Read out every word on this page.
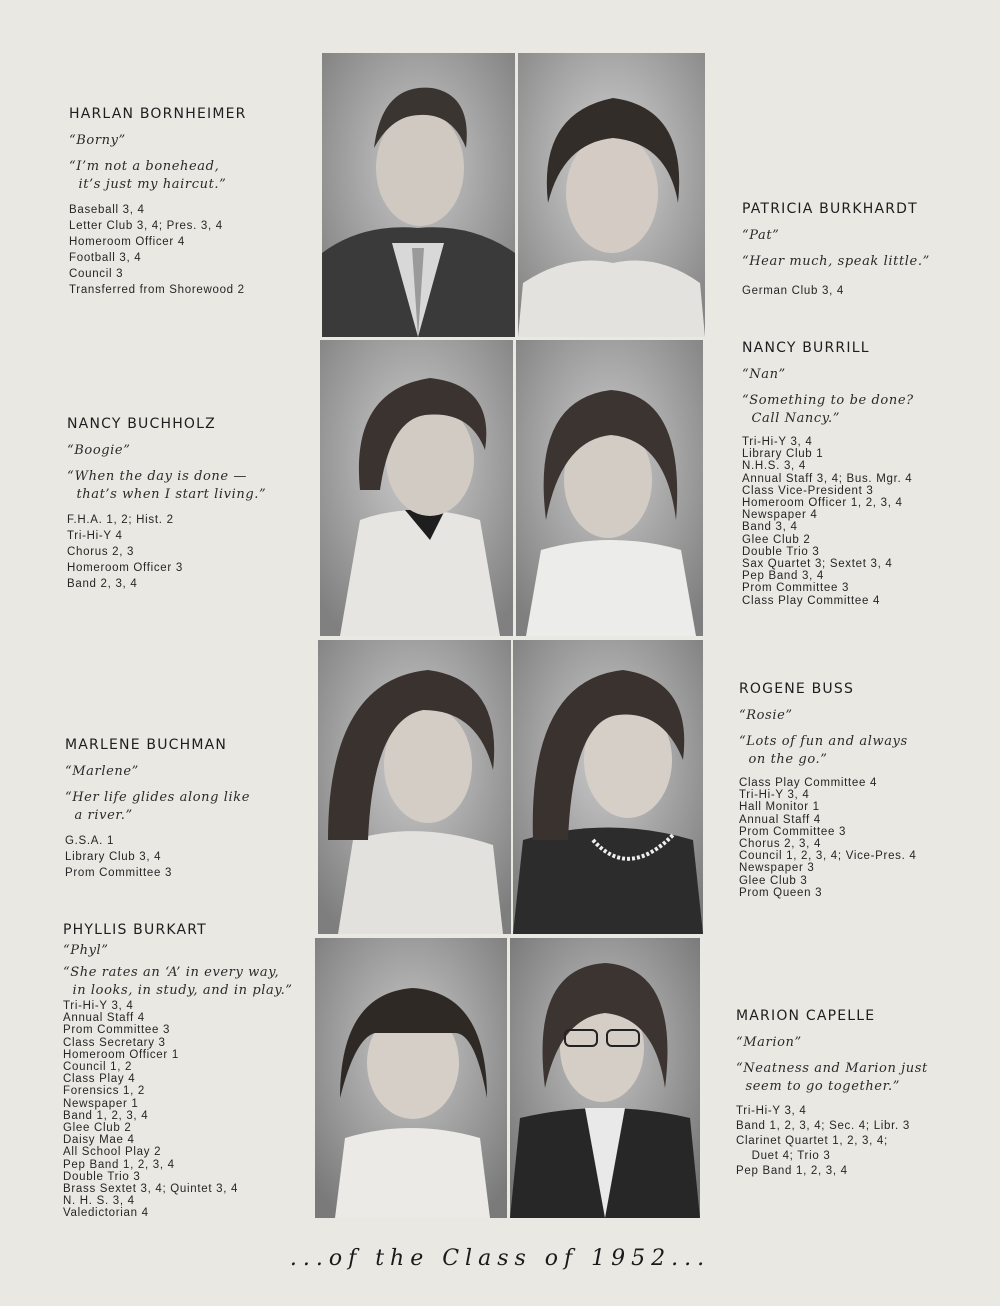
HARLAN BORNHEIMER
“Borny”
“I’m not a bonehead,
it’s just my haircut.”
Baseball 3, 4
Letter Club 3, 4; Pres. 3, 4
Homeroom Officer 4
Football 3, 4
Council 3
Transferred from Shorewood 2
PATRICIA BURKHARDT
“Pat”
“Hear much, speak little.”
German Club 3, 4
NANCY BUCHHOLZ
“Boogie”
“When the day is done —
that’s when I start living.”
F.H.A. 1, 2; Hist. 2
Tri-Hi-Y 4
Chorus 2, 3
Homeroom Officer 3
Band 2, 3, 4
NANCY BURRILL
“Nan”
“Something to be done?
Call Nancy.”
Tri-Hi-Y 3, 4
Library Club 1
N.H.S. 3, 4
Annual Staff 3, 4; Bus. Mgr. 4
Class Vice-President 3
Homeroom Officer 1, 2, 3, 4
Newspaper 4
Band 3, 4
Glee Club 2
Double Trio 3
Sax Quartet 3; Sextet 3, 4
Pep Band 3, 4
Prom Committee 3
Class Play Committee 4
MARLENE BUCHMAN
“Marlene”
“Her life glides along like
a river.”
G.S.A. 1
Library Club 3, 4
Prom Committee 3
ROGENE BUSS
“Rosie”
“Lots of fun and always
on the go.”
Class Play Committee 4
Tri-Hi-Y 3, 4
Hall Monitor 1
Annual Staff 4
Prom Committee 3
Chorus 2, 3, 4
Council 1, 2, 3, 4; Vice-Pres. 4
Newspaper 3
Glee Club 3
Prom Queen 3
PHYLLIS BURKART
“Phyl”
“She rates an ‘A’ in every way,
in looks, in study, and in play.”
Tri-Hi-Y 3, 4
Annual Staff 4
Prom Committee 3
Class Secretary 3
Homeroom Officer 1
Council 1, 2
Class Play 4
Forensics 1, 2
Newspaper 1
Band 1, 2, 3, 4
Glee Club 2
Daisy Mae 4
All School Play 2
Pep Band 1, 2, 3, 4
Double Trio 3
Brass Sextet 3, 4; Quintet 3, 4
N. H. S. 3, 4
Valedictorian 4
MARION CAPELLE
“Marion”
“Neatness and Marion just
seem to go together.”
Tri-Hi-Y 3, 4
Band 1, 2, 3, 4; Sec. 4; Libr. 3
Clarinet Quartet 1, 2, 3, 4;
Duet 4; Trio 3
Pep Band 1, 2, 3, 4
...of the Class of 1952...
